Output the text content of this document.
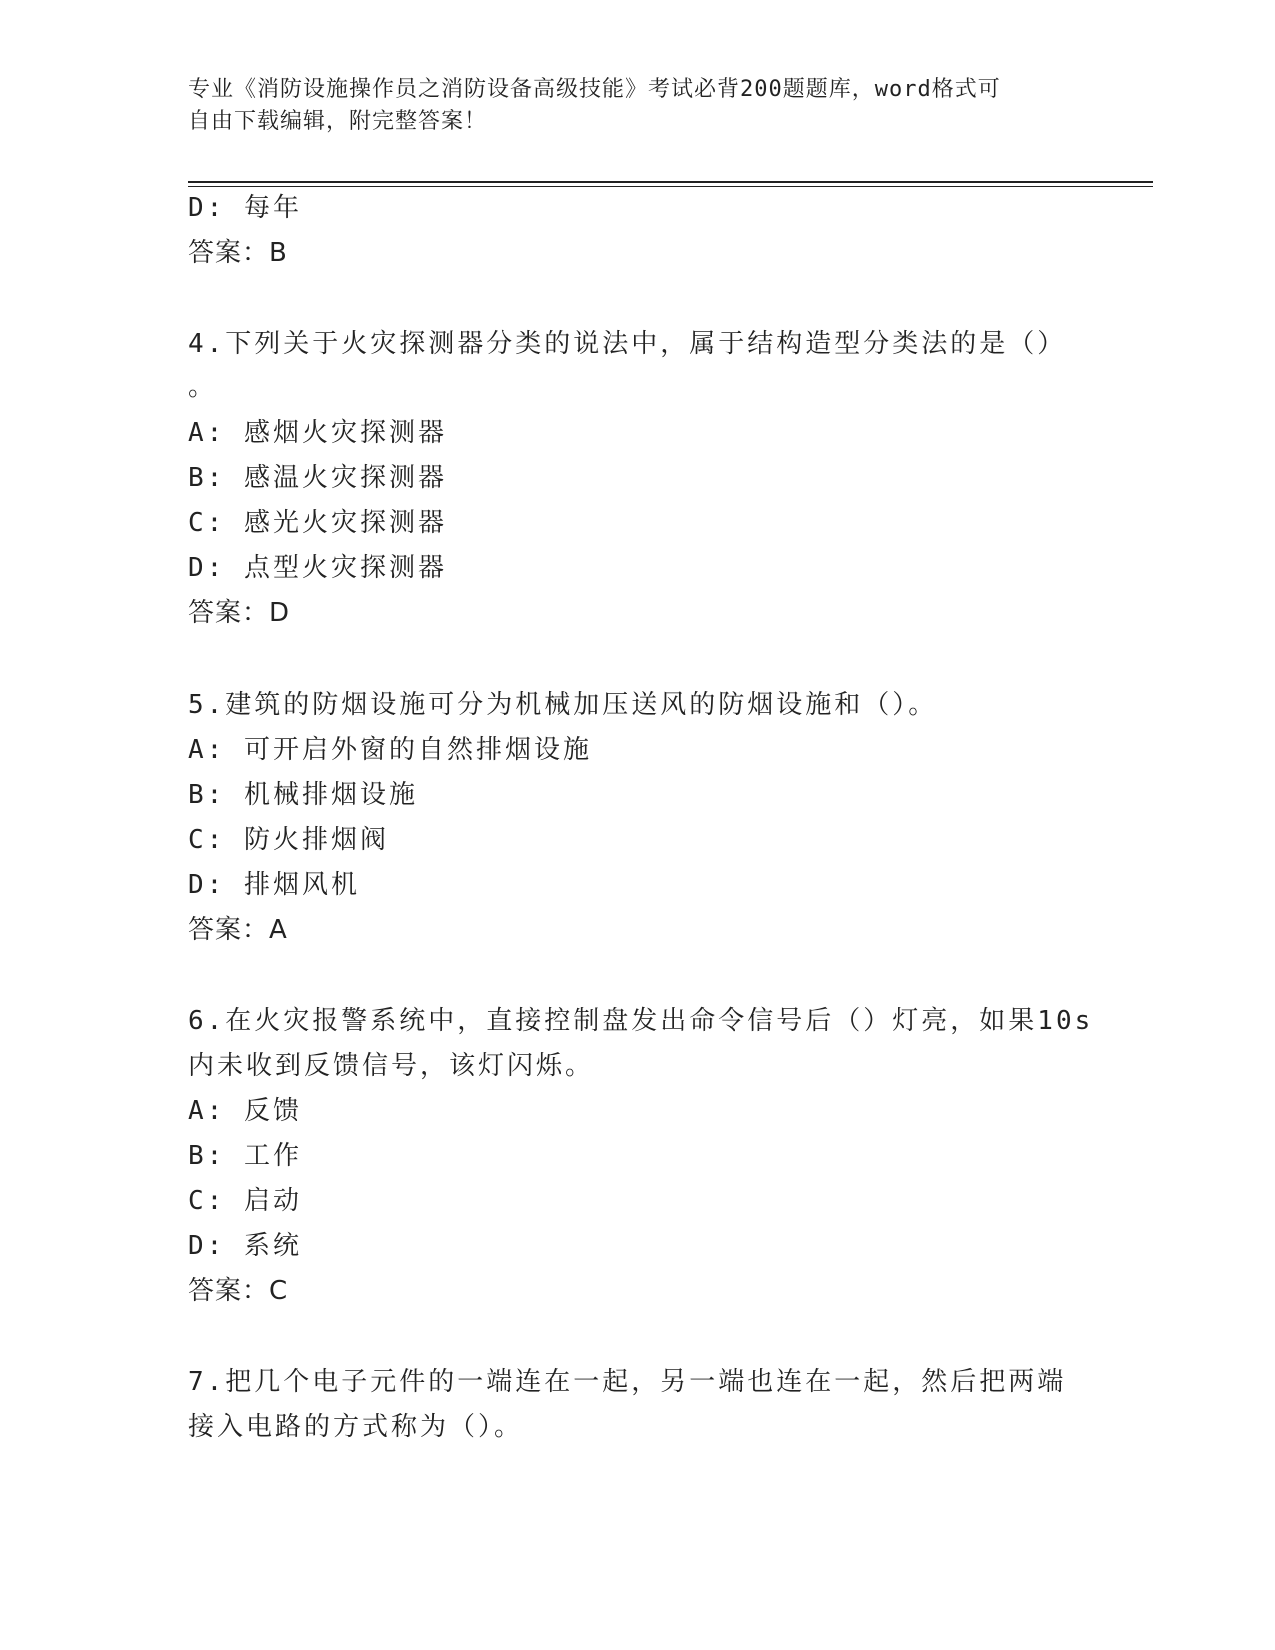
专业《消防设施操作员之消防设备高级技能》考试必背200题题库，word格式可
自由下载编辑，附完整答案！
D: 每年
答案：B
4.下列关于火灾探测器分类的说法中，属于结构造型分类法的是（）
。
A: 感烟火灾探测器
B: 感温火灾探测器
C: 感光火灾探测器
D: 点型火灾探测器
答案：D
5.建筑的防烟设施可分为机械加压送风的防烟设施和（）。
A: 可开启外窗的自然排烟设施
B: 机械排烟设施
C: 防火排烟阀
D: 排烟风机
答案：A
6.在火灾报警系统中，直接控制盘发出命令信号后（）灯亮，如果10s
内未收到反馈信号，该灯闪烁。
A: 反馈
B: 工作
C: 启动
D: 系统
答案：C
7.把几个电子元件的一端连在一起，另一端也连在一起，然后把两端
接入电路的方式称为（）。
